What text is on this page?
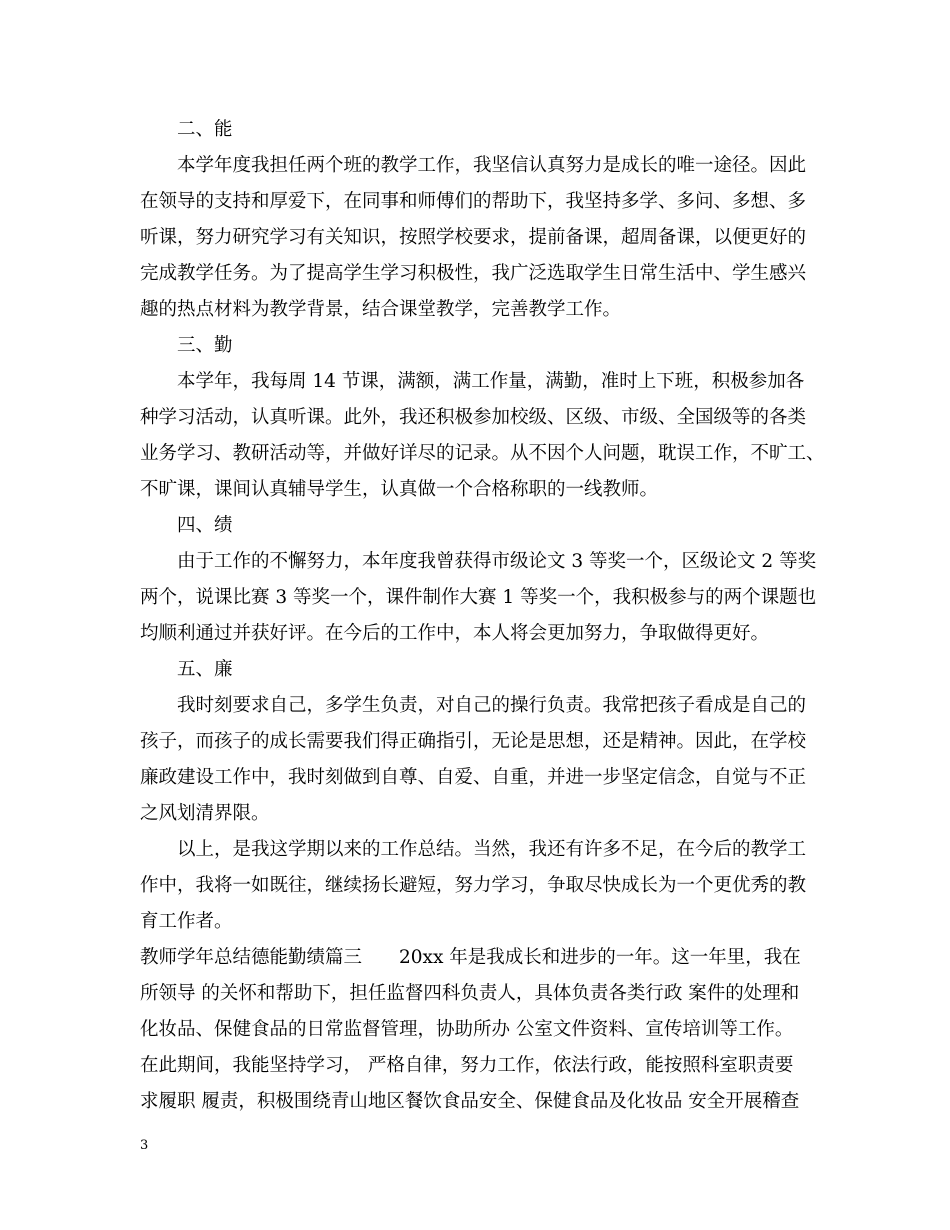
二、能
本学年度我担任两个班的教学工作，我坚信认真努力是成长的唯一途径。因此
在领导的支持和厚爱下，在同事和师傅们的帮助下，我坚持多学、多问、多想、多
听课，努力研究学习有关知识，按照学校要求，提前备课，超周备课，以便更好的
完成教学任务。为了提高学生学习积极性，我广泛选取学生日常生活中、学生感兴
趣的热点材料为教学背景，结合课堂教学，完善教学工作。
三、勤
本学年，我每周 14 节课，满额，满工作量，满勤，准时上下班，积极参加各
种学习活动，认真听课。此外，我还积极参加校级、区级、市级、全国级等的各类
业务学习、教研活动等，并做好详尽的记录。从不因个人问题，耽误工作，不旷工、
不旷课，课间认真辅导学生，认真做一个合格称职的一线教师。
四、绩
由于工作的不懈努力，本年度我曾获得市级论文 3 等奖一个，区级论文 2 等奖
两个，说课比赛 3 等奖一个，课件制作大赛 1 等奖一个，我积极参与的两个课题也
均顺利通过并获好评。在今后的工作中，本人将会更加努力，争取做得更好。
五、廉
我时刻要求自己，多学生负责，对自己的操行负责。我常把孩子看成是自己的
孩子，而孩子的成长需要我们得正确指引，无论是思想，还是精神。因此，在学校
廉政建设工作中，我时刻做到自尊、自爱、自重，并进一步坚定信念，自觉与不正
之风划清界限。
以上，是我这学期以来的工作总结。当然，我还有许多不足，在今后的教学工
作中，我将一如既往，继续扬长避短，努力学习，争取尽快成长为一个更优秀的教
育工作者。
教师学年总结德能勤绩篇三　　20xx 年是我成长和进步的一年。这一年里，我在
所领导 的关怀和帮助下，担任监督四科负责人，具体负责各类行政 案件的处理和
化妆品、保健食品的日常监督管理，协助所办 公室文件资料、宣传培训等工作。
在此期间，我能坚持学习， 严格自律，努力工作，依法行政，能按照科室职责要
求履职 履责，积极围绕青山地区餐饮食品安全、保健食品及化妆品 安全开展稽查
3
